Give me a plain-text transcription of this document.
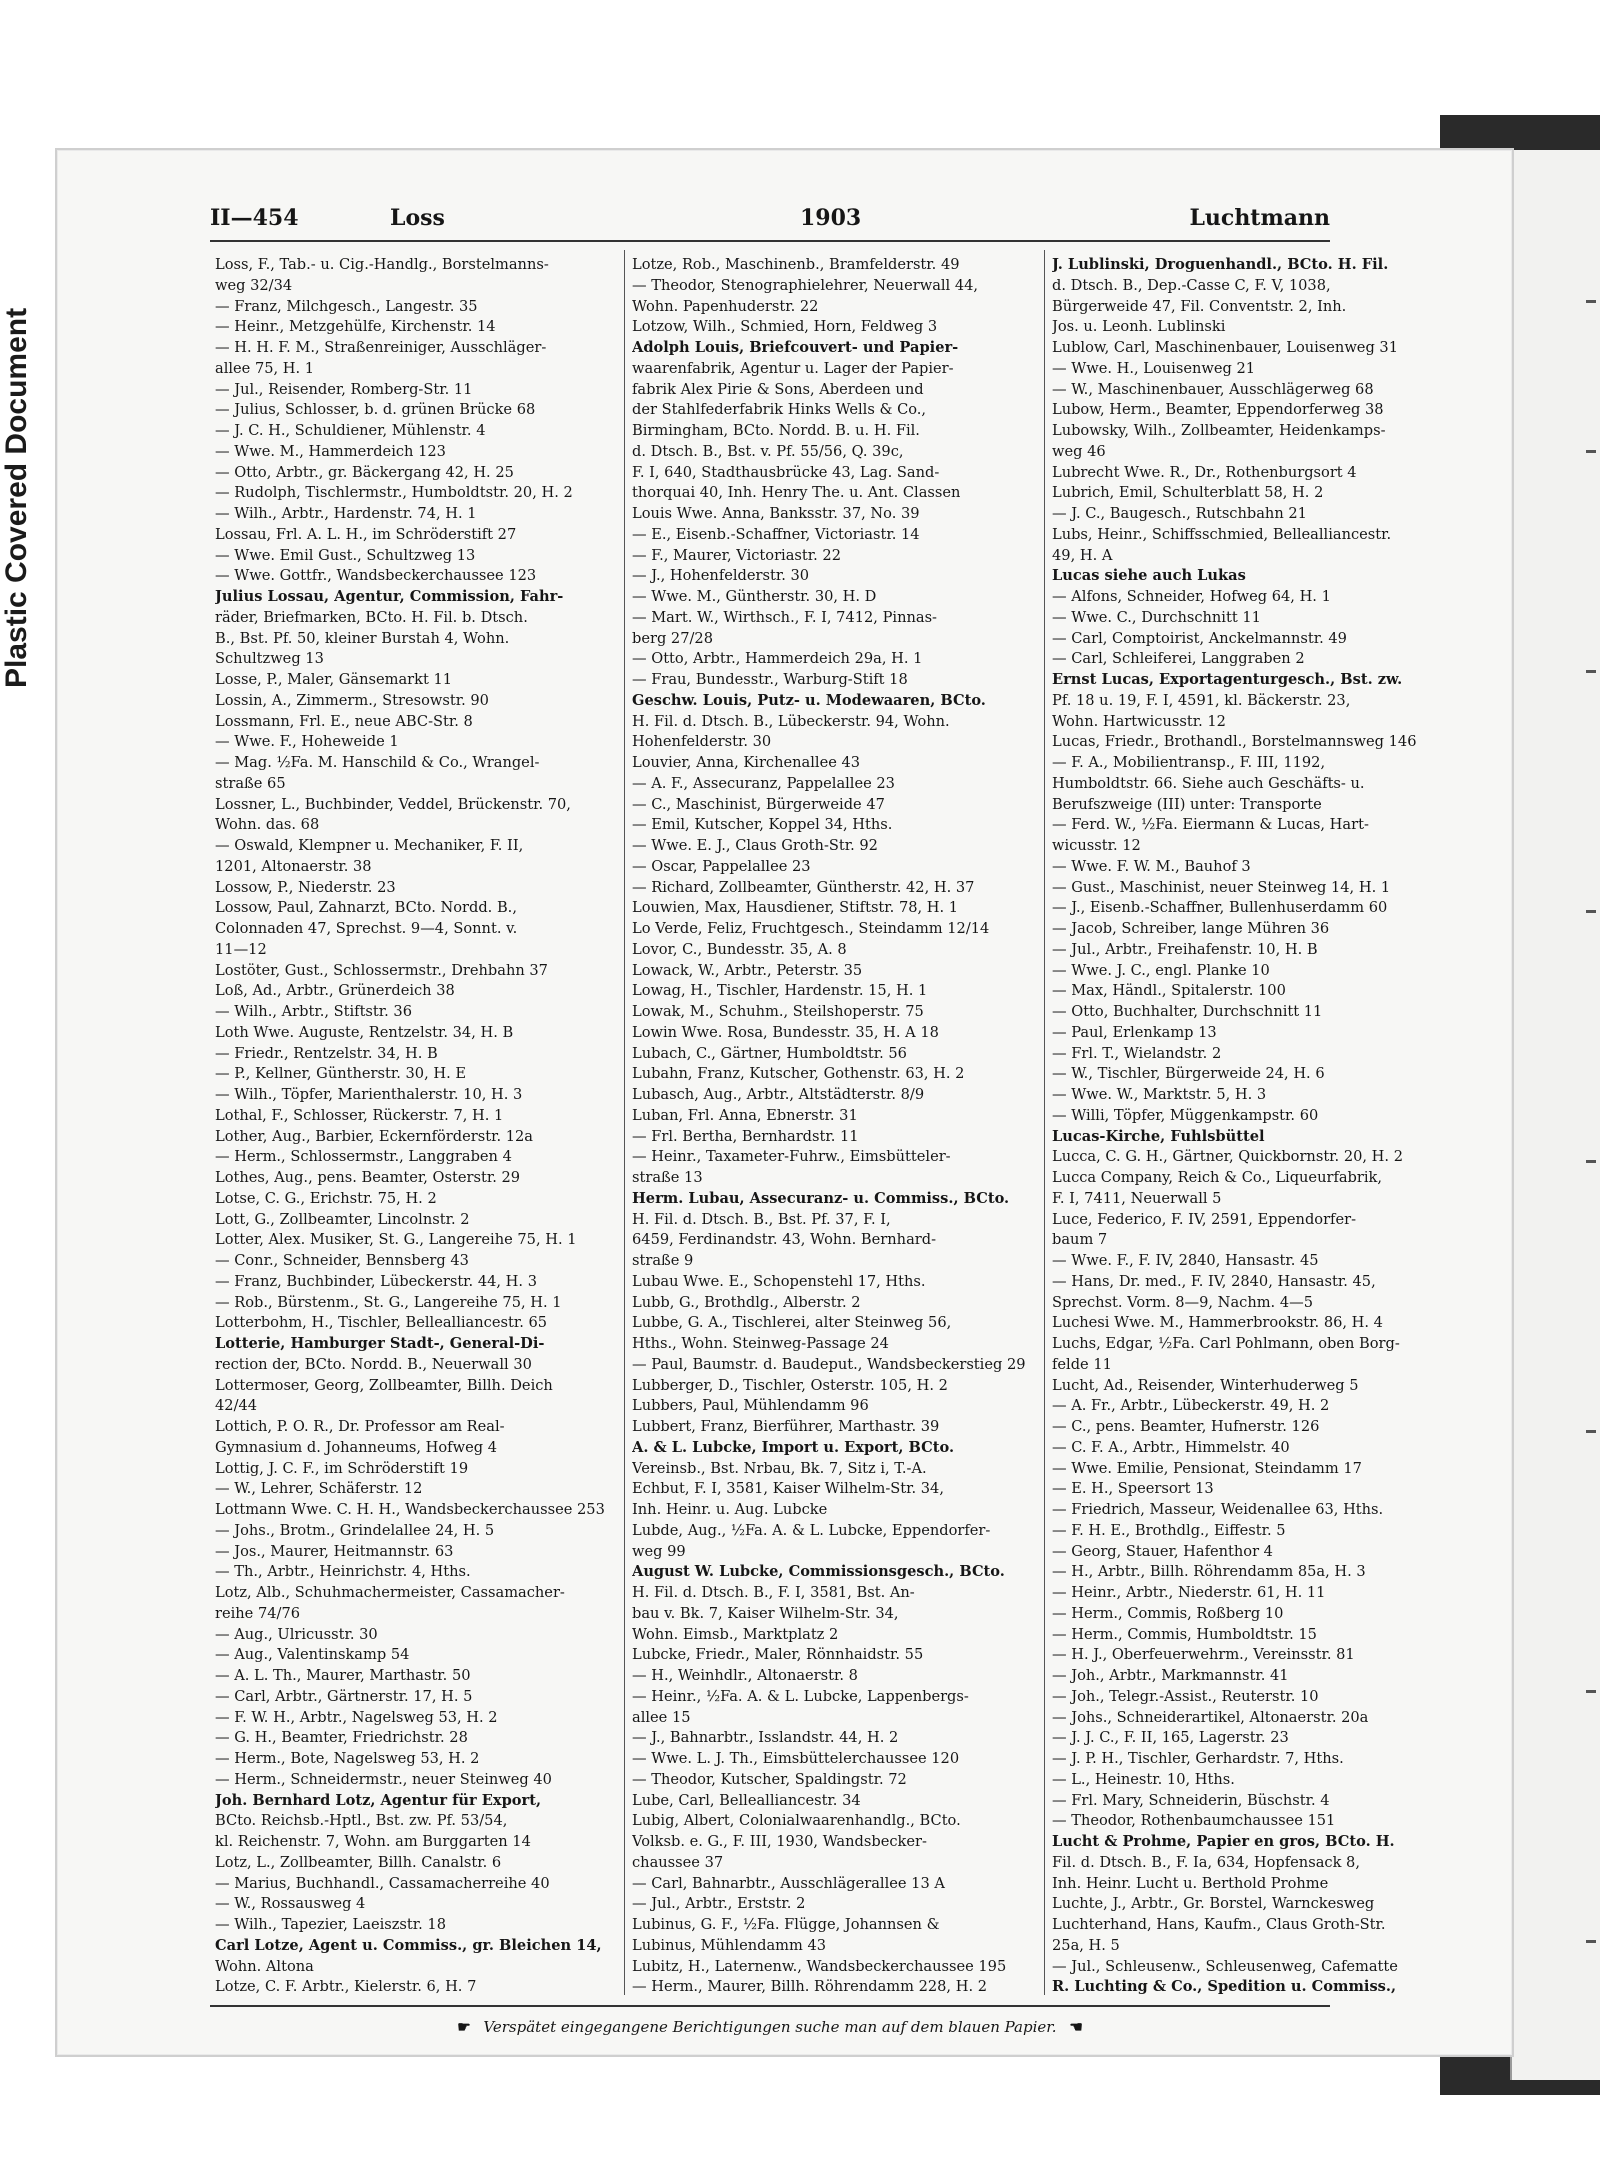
Plastic Covered Document
II—454	Loss	1903	Luchtmann
Loss, F., Tab.- u. Cig.-Handlg., Borstelmanns-
weg 32/34
— Franz, Milchgesch., Langestr. 35
— Heinr., Metzgehülfe, Kirchenstr. 14
— H. H. F. M., Straßenreiniger, Ausschläger-
allee 75, H. 1
— Jul., Reisender, Romberg-Str. 11
— Julius, Schlosser, b. d. grünen Brücke 68
— J. C. H., Schuldiener, Mühlenstr. 4
— Wwe. M., Hammerdeich 123
— Otto, Arbtr., gr. Bäckergang 42, H. 25
— Rudolph, Tischlermstr., Humboldtstr. 20, H. 2
— Wilh., Arbtr., Hardenstr. 74, H. 1
Lossau, Frl. A. L. H., im Schröderstift 27
— Wwe. Emil Gust., Schultzweg 13
— Wwe. Gottfr., Wandsbeckerchaussee 123
Julius Lossau, Agentur, Commission, Fahr-
räder, Briefmarken, BCto. H. Fil. b. Dtsch.
B., Bst. Pf. 50, kleiner Burstah 4, Wohn.
Schultzweg 13
Losse, P., Maler, Gänsemarkt 11
Lossin, A., Zimmerm., Stresowstr. 90
Lossmann, Frl. E., neue ABC-Str. 8
— Wwe. F., Hoheweide 1
— Mag. ½Fa. M. Hanschild & Co., Wrangel-
straße 65
Lossner, L., Buchbinder, Veddel, Brückenstr. 70,
Wohn. das. 68
— Oswald, Klempner u. Mechaniker, F. II,
1201, Altonaerstr. 38
Lossow, P., Niederstr. 23
Lossow, Paul, Zahnarzt, BCto. Nordd. B.,
Colonnaden 47, Sprechst. 9—4, Sonnt. v.
11—12
Lostöter, Gust., Schlossermstr., Drehbahn 37
Loß, Ad., Arbtr., Grünerdeich 38
— Wilh., Arbtr., Stiftstr. 36
Loth Wwe. Auguste, Rentzelstr. 34, H. B
— Friedr., Rentzelstr. 34, H. B
— P., Kellner, Güntherstr. 30, H. E
— Wilh., Töpfer, Marienthalerstr. 10, H. 3
Lothal, F., Schlosser, Rückerstr. 7, H. 1
Lother, Aug., Barbier, Eckernförderstr. 12a
— Herm., Schlossermstr., Langgraben 4
Lothes, Aug., pens. Beamter, Osterstr. 29
Lotse, C. G., Erichstr. 75, H. 2
Lott, G., Zollbeamter, Lincolnstr. 2
Lotter, Alex. Musiker, St. G., Langereihe 75, H. 1
— Conr., Schneider, Bennsberg 43
— Franz, Buchbinder, Lübeckerstr. 44, H. 3
— Rob., Bürstenm., St. G., Langereihe 75, H. 1
Lotterbohm, H., Tischler, Bellealliancestr. 65
Lotterie, Hamburger Stadt-, General-Di-
rection der, BCto. Nordd. B., Neuerwall 30
Lottermoser, Georg, Zollbeamter, Billh. Deich
42/44
Lottich, P. O. R., Dr. Professor am Real-
Gymnasium d. Johanneums, Hofweg 4
Lottig, J. C. F., im Schröderstift 19
— W., Lehrer, Schäferstr. 12
Lottmann Wwe. C. H. H., Wandsbeckerchaussee 253
— Johs., Brotm., Grindelallee 24, H. 5
— Jos., Maurer, Heitmannstr. 63
— Th., Arbtr., Heinrichstr. 4, Hths.
Lotz, Alb., Schuhmachermeister, Cassamacher-
reihe 74/76
— Aug., Ulricusstr. 30
— Aug., Valentinskamp 54
— A. L. Th., Maurer, Marthastr. 50
— Carl, Arbtr., Gärtnerstr. 17, H. 5
— F. W. H., Arbtr., Nagelsweg 53, H. 2
— G. H., Beamter, Friedrichstr. 28
— Herm., Bote, Nagelsweg 53, H. 2
— Herm., Schneidermstr., neuer Steinweg 40
Joh. Bernhard Lotz, Agentur für Export,
BCto. Reichsb.-Hptl., Bst. zw. Pf. 53/54,
kl. Reichenstr. 7, Wohn. am Burggarten 14
Lotz, L., Zollbeamter, Billh. Canalstr. 6
— Marius, Buchhandl., Cassamacherreihe 40
— W., Rossausweg 4
— Wilh., Tapezier, Laeiszstr. 18
Carl Lotze, Agent u. Commiss., gr. Bleichen 14,
Wohn. Altona
Lotze, C. F. Arbtr., Kielerstr. 6, H. 7
Lotze, Rob., Maschinenb., Bramfelderstr. 49
— Theodor, Stenographielehrer, Neuerwall 44,
Wohn. Papenhuderstr. 22
Lotzow, Wilh., Schmied, Horn, Feldweg 3
Adolph Louis, Briefcouvert- und Papier-
waarenfabrik, Agentur u. Lager der Papier-
fabrik Alex Pirie & Sons, Aberdeen und
der Stahlfederfabrik Hinks Wells & Co.,
Birmingham, BCto. Nordd. B. u. H. Fil.
d. Dtsch. B., Bst. v. Pf. 55/56, Q. 39c,
F. I, 640, Stadthausbrücke 43, Lag. Sand-
thorquai 40, Inh. Henry The. u. Ant. Classen
Louis Wwe. Anna, Banksstr. 37, No. 39
— E., Eisenb.-Schaffner, Victoriastr. 14
— F., Maurer, Victoriastr. 22
— J., Hohenfelderstr. 30
— Wwe. M., Güntherstr. 30, H. D
— Mart. W., Wirthsch., F. I, 7412, Pinnas-
berg 27/28
— Otto, Arbtr., Hammerdeich 29a, H. 1
— Frau, Bundesstr., Warburg-Stift 18
Geschw. Louis, Putz- u. Modewaaren, BCto.
H. Fil. d. Dtsch. B., Lübeckerstr. 94, Wohn.
Hohenfelderstr. 30
Louvier, Anna, Kirchenallee 43
— A. F., Assecuranz, Pappelallee 23
— C., Maschinist, Bürgerweide 47
— Emil, Kutscher, Koppel 34, Hths.
— Wwe. E. J., Claus Groth-Str. 92
— Oscar, Pappelallee 23
— Richard, Zollbeamter, Güntherstr. 42, H. 37
Louwien, Max, Hausdiener, Stiftstr. 78, H. 1
Lo Verde, Feliz, Fruchtgesch., Steindamm 12/14
Lovor, C., Bundesstr. 35, A. 8
Lowack, W., Arbtr., Peterstr. 35
Lowag, H., Tischler, Hardenstr. 15, H. 1
Lowak, M., Schuhm., Steilshoperstr. 75
Lowin Wwe. Rosa, Bundesstr. 35, H. A 18
Lubach, C., Gärtner, Humboldtstr. 56
Lubahn, Franz, Kutscher, Gothenstr. 63, H. 2
Lubasch, Aug., Arbtr., Altstädterstr. 8/9
Luban, Frl. Anna, Ebnerstr. 31
— Frl. Bertha, Bernhardstr. 11
— Heinr., Taxameter-Fuhrw., Eimsbütteler-
straße 13
Herm. Lubau, Assecuranz- u. Commiss., BCto.
H. Fil. d. Dtsch. B., Bst. Pf. 37, F. I,
6459, Ferdinandstr. 43, Wohn. Bernhard-
straße 9
Lubau Wwe. E., Schopenstehl 17, Hths.
Lubb, G., Brothdlg., Alberstr. 2
Lubbe, G. A., Tischlerei, alter Steinweg 56,
Hths., Wohn. Steinweg-Passage 24
— Paul, Baumstr. d. Baudeput., Wandsbeckerstieg 29
Lubberger, D., Tischler, Osterstr. 105, H. 2
Lubbers, Paul, Mühlendamm 96
Lubbert, Franz, Bierführer, Marthastr. 39
A. & L. Lubcke, Import u. Export, BCto.
Vereinsb., Bst. Nrbau, Bk. 7, Sitz i, T.-A.
Echbut, F. I, 3581, Kaiser Wilhelm-Str. 34,
Inh. Heinr. u. Aug. Lubcke
Lubde, Aug., ½Fa. A. & L. Lubcke, Eppendorfer-
weg 99
August W. Lubcke, Commissionsgesch., BCto.
H. Fil. d. Dtsch. B., F. I, 3581, Bst. An-
bau v. Bk. 7, Kaiser Wilhelm-Str. 34,
Wohn. Eimsb., Marktplatz 2
Lubcke, Friedr., Maler, Rönnhaidstr. 55
— H., Weinhdlr., Altonaerstr. 8
— Heinr., ½Fa. A. & L. Lubcke, Lappenbergs-
allee 15
— J., Bahnarbtr., Isslandstr. 44, H. 2
— Wwe. L. J. Th., Eimsbüttelerchaussee 120
— Theodor, Kutscher, Spaldingstr. 72
Lube, Carl, Bellealliancestr. 34
Lubig, Albert, Colonialwaarenhandlg., BCto.
Volksb. e. G., F. III, 1930, Wandsbecker-
chaussee 37
— Carl, Bahnarbtr., Ausschlägerallee 13 A
— Jul., Arbtr., Erststr. 2
Lubinus, G. F., ½Fa. Flügge, Johannsen &
Lubinus, Mühlendamm 43
Lubitz, H., Laternenw., Wandsbeckerchaussee 195
— Herm., Maurer, Billh. Röhrendamm 228, H. 2
J. Lublinski, Droguenhandl., BCto. H. Fil.
d. Dtsch. B., Dep.-Casse C, F. V, 1038,
Bürgerweide 47, Fil. Conventstr. 2, Inh.
Jos. u. Leonh. Lublinski
Lublow, Carl, Maschinenbauer, Louisenweg 31
— Wwe. H., Louisenweg 21
— W., Maschinenbauer, Ausschlägerweg 68
Lubow, Herm., Beamter, Eppendorferweg 38
Lubowsky, Wilh., Zollbeamter, Heidenkamps-
weg 46
Lubrecht Wwe. R., Dr., Rothenburgsort 4
Lubrich, Emil, Schulterblatt 58, H. 2
— J. C., Baugesch., Rutschbahn 21
Lubs, Heinr., Schiffsschmied, Bellealliancestr.
49, H. A
Lucas siehe auch Lukas
— Alfons, Schneider, Hofweg 64, H. 1
— Wwe. C., Durchschnitt 11
— Carl, Comptoirist, Anckelmannstr. 49
— Carl, Schleiferei, Langgraben 2
Ernst Lucas, Exportagenturgesch., Bst. zw.
Pf. 18 u. 19, F. I, 4591, kl. Bäckerstr. 23,
Wohn. Hartwicusstr. 12
Lucas, Friedr., Brothandl., Borstelmannsweg 146
— F. A., Mobilientransp., F. III, 1192,
Humboldtstr. 66. Siehe auch Geschäfts- u.
Berufszweige (III) unter: Transporte
— Ferd. W., ½Fa. Eiermann & Lucas, Hart-
wicusstr. 12
— Wwe. F. W. M., Bauhof 3
— Gust., Maschinist, neuer Steinweg 14, H. 1
— J., Eisenb.-Schaffner, Bullenhuserdamm 60
— Jacob, Schreiber, lange Mühren 36
— Jul., Arbtr., Freihafenstr. 10, H. B
— Wwe. J. C., engl. Planke 10
— Max, Händl., Spitalerstr. 100
— Otto, Buchhalter, Durchschnitt 11
— Paul, Erlenkamp 13
— Frl. T., Wielandstr. 2
— W., Tischler, Bürgerweide 24, H. 6
— Wwe. W., Marktstr. 5, H. 3
— Willi, Töpfer, Müggenkampstr. 60
Lucas-Kirche, Fuhlsbüttel
Lucca, C. G. H., Gärtner, Quickbornstr. 20, H. 2
Lucca Company, Reich & Co., Liqueurfabrik,
F. I, 7411, Neuerwall 5
Luce, Federico, F. IV, 2591, Eppendorfer-
baum 7
— Wwe. F., F. IV, 2840, Hansastr. 45
— Hans, Dr. med., F. IV, 2840, Hansastr. 45,
Sprechst. Vorm. 8—9, Nachm. 4—5
Luchesi Wwe. M., Hammerbrookstr. 86, H. 4
Luchs, Edgar, ½Fa. Carl Pohlmann, oben Borg-
felde 11
Lucht, Ad., Reisender, Winterhuderweg 5
— A. Fr., Arbtr., Lübeckerstr. 49, H. 2
— C., pens. Beamter, Hufnerstr. 126
— C. F. A., Arbtr., Himmelstr. 40
— Wwe. Emilie, Pensionat, Steindamm 17
— E. H., Speersort 13
— Friedrich, Masseur, Weidenallee 63, Hths.
— F. H. E., Brothdlg., Eiffestr. 5
— Georg, Stauer, Hafenthor 4
— H., Arbtr., Billh. Röhrendamm 85a, H. 3
— Heinr., Arbtr., Niederstr. 61, H. 11
— Herm., Commis, Roßberg 10
— Herm., Commis, Humboldtstr. 15
— H. J., Oberfeuerwehrm., Vereinsstr. 81
— Joh., Arbtr., Markmannstr. 41
— Joh., Telegr.-Assist., Reuterstr. 10
— Johs., Schneiderartikel, Altonaerstr. 20a
— J. J. C., F. II, 165, Lagerstr. 23
— J. P. H., Tischler, Gerhardstr. 7, Hths.
— L., Heinestr. 10, Hths.
— Frl. Mary, Schneiderin, Büschstr. 4
— Theodor, Rothenbaumchaussee 151
Lucht & Prohme, Papier en gros, BCto. H.
Fil. d. Dtsch. B., F. Ia, 634, Hopfensack 8,
Inh. Heinr. Lucht u. Berthold Prohme
Luchte, J., Arbtr., Gr. Borstel, Warnckesweg
Luchterhand, Hans, Kaufm., Claus Groth-Str.
25a, H. 5
— Jul., Schleusenw., Schleusenweg, Cafematte
R. Luchting & Co., Spedition u. Commiss.,
☛ Verspätet eingegangene Berichtigungen suche man auf dem blauen Papier. ☚
